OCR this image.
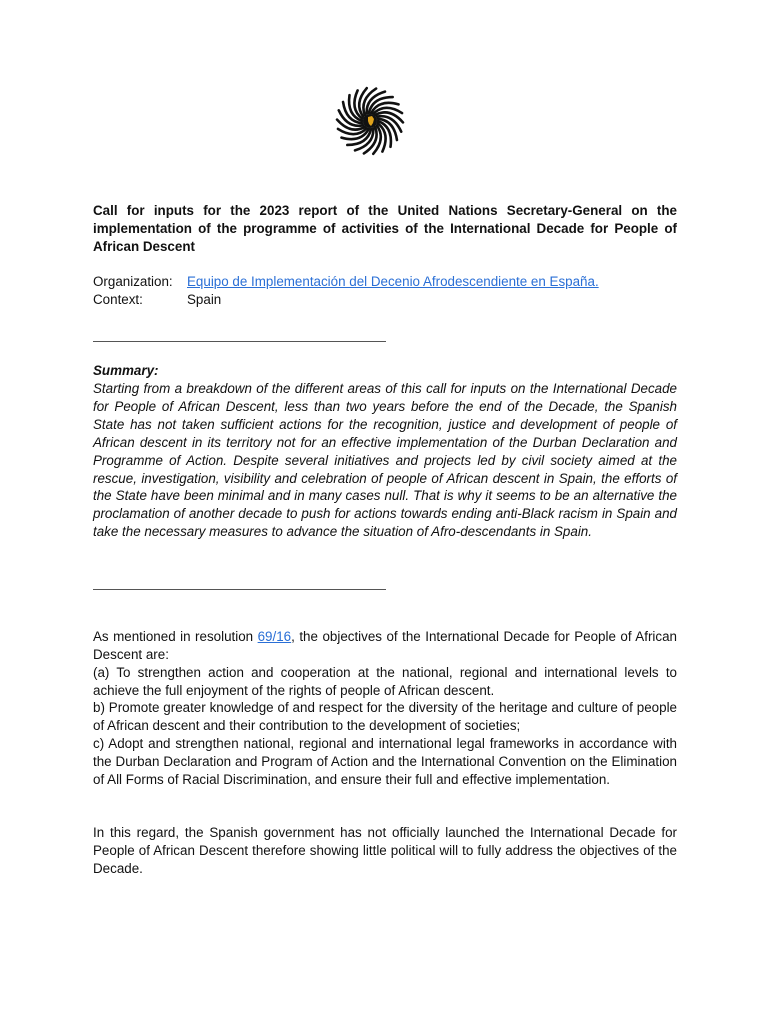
Call for inputs for the 2023 report of the United Nations Secretary-General on the implementation of the programme of activities of the International Decade for People of African Descent

Organization: Equipo de Implementación del Decenio Afrodescendiente en España.
Context:	Spain
Summary:

Starting from a breakdown of the different areas of this call for inputs on the International Decade for People of African Descent, less than two years before the end of the Decade, the Spanish State has not taken sufficient actions for the recognition, justice and development of people of African descent in its territory not for an effective implementation of the Durban Declaration and Programme of Action. Despite several initiatives and projects led by civil society aimed at the rescue, investigation, visibility and celebration of people of African descent in Spain, the efforts of the State have been minimal and in many cases null. That is why it seems to be an alternative the proclamation of another decade to push for actions towards ending anti-Black racism in Spain and take the necessary measures to advance the situation of Afro-descendants in Spain.

As mentioned in resolution 69/16, the objectives of the International Decade for People of African Descent are:

(a) To strengthen action and cooperation at the national, regional and international levels to achieve the full enjoyment of the rights of people of African descent.

b) Promote greater knowledge of and respect for the diversity of the heritage and culture of people of African descent and their contribution to the development of societies;

c) Adopt and strengthen national, regional and international legal frameworks in accordance with the Durban Declaration and Program of Action and the International Convention on the Elimination of All Forms of Racial Discrimination, and ensure their full and effective implementation.

In this regard, the Spanish government has not officially launched the International Decade for People of African Descent therefore showing little political will to fully address the objectives of the Decade.
